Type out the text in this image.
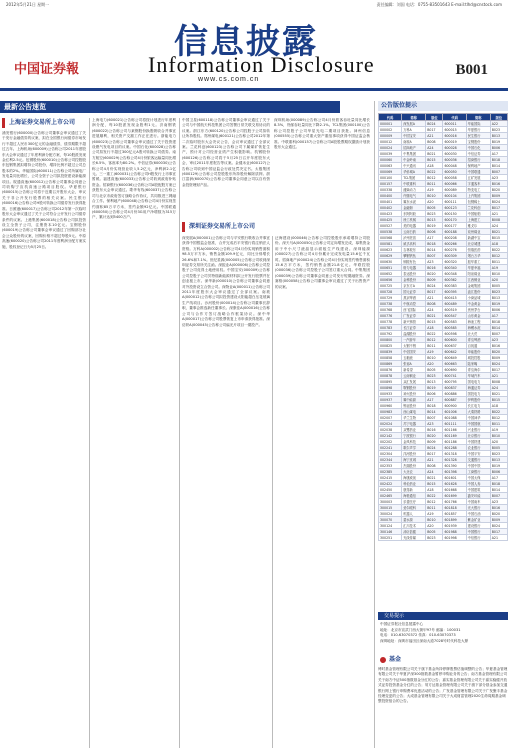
2012年5月21日 星期一	责任编辑：刘国 电话：0755-83501643 E-mail:tlhd@cnstock.com
信息披露
Information Disclosure
中国证券報
www.cs.com.cn
B001
最新公告速览	公告版位提示
上海证券交易所上市公司

浦发银行(600000)公告称公司董事会审议通过了关于发行金融债券的议案，拟在全国银行间债券市场发行不超过人民币300亿元的金融债券，债券期限不超过五年。上海机场(600009)公告称公司2011年度股东大会审议通过了年度利润分配方案，每10股派发现金红利2.5元。包钢股份(600010)公告称公司控股股东包钢集团拟增持公司股份，增持比例不超过公司总股本的2%。华能国际(600011)公告称公司所属电厂发电量同比增长，公司全资子公司拟投资建设新能源项目。皖通高速(600012)公告称公司董事会同意公司收购宁宣杭高速公路项目股权。华夏银行(600015)公告称公司将于近期召开股东大会，审议关于非公开发行股票的相关议案。民生银行(600016)公告称公司H股可转换公司债券发行获得批准。日照港(600017)公告称公司2012年第一次临时股东大会审议通过了关于公司符合公开发行公司债券条件的议案。上港集团(600018)公告称公司拟投资设立全资子公司，注册资本10亿元。宝钢股份(600019)公告称公司董事会审议通过了回购部分社会公众股份的议案，回购价格不超过每股5元。中原高速(600020)公告称公司2011年度利润分配方案实施，股权登记日为5月25日。

上海电力(600021)公告称公司将按计划进行年度利润分配，每10股派发现金股利1元。济南钢铁(600022)公告称公司与莱钢股份换股吸收合并事宜进展顺利，相关资产交割工作正在进行。浙能电力(600023)公告称公司董事会审议通过了关于投资建设燃气发电项目的议案。中国石化(600028)公告称公司拟发行不超过300亿元A股可转换公司债券。南方航空(600029)公告称公司4月份旅客运输量同比增长6.5%，客座率为80.2%。中信证券(600030)公告称公司4月份实现营业收入5.2亿元，净利润2.1亿元。三一重工(600031)公告称公司H股发行上市事宜暂缓。福建高速(600033)公告称公司收到政府补贴资金。招商银行(600036)公告称公司A股配股方案已获股东大会审议通过。歌华有线(600037)公告称公司与北京市政府签订战略合作协议，共同推进三网融合工作。保利地产(600048)公告称公司4月份实现签约面积85万平方米，签约金额92亿元。中国联通(600050)公告称公司4月份3G用户净增数为315万户，累计达到5400万户。

中国卫星(600118)公告称公司董事会审议通过了关于公司与中国航天科技集团公司签署日常关联交易协议的议案。浙江东方(600120)公告称公司控股子公司拟转让所持股权。郑州煤电(600121)公告称公司2012年第二次临时股东大会决议公告，会议审议通过了全部议案。兰花科创(600123)公告称公司下属煤矿恢复生产，预计对公司经营业绩产生积极影响。杭钢股份(600126)公告称公司将于5月25日召开年度股东大会，审议2011年度报告等议案。金健米业(600127)公告称公司收到中国证监会行政处罚决定书。太极集团(600129)公告称公司控股股东所持股份解除质押。浙江富润(600070)公告称公司董事会同意公司以自有资金投资理财产品。

深圳机场(000089)公告称公司4月份旅客吞吐量同比增长8.3%，货邮吞吐量同比下降2.1%。TCL集团(000100)公告称公司控股子公司华星光电二期项目获批。神州信息(000555)公告称公司重大资产重组事项获得中国证监会核准。中联重科(000157)公告称公司A股股票期权激励计划获股东大会通过。

深圳证券交易所上市公司

深发展A(000001)公告称公司与平安银行吸收合并事宜获得中国银监会批准，合并完成后平安银行将注销法人资格。万科A(000002)公告称公司4月份实现销售面积98.5万平方米，销售金额109.9亿元，同比分别增长26.6%和7.1%。世纪星源(000005)公告称公司收到深圳证券交易所关注函。深振业A(000006)公告称公司控股子公司竞得土地使用权。中国宝安(000009)公告称公司控股子公司贝特瑞新能源材料拟公开发行股票并在创业板上市。深华新(000010)公告称公司董事会同意对外投资设立合资公司。深物业A(000011)公告称公司2011年度股东大会审议通过了全部议案。南玻A(000012)公告称公司拟投资建设太阳能超白压花玻璃生产线项目。沙河股份(000014)公告称公司董事长辞职，董事会推选新任董事长。深康佳A(000016)公告称公司与合作方签订战略合作框架协议。深中华A(000017)公告称公司股票恢复上市申请获得批准。深纺织A(000045)公告称公司偏光片项目一期投产。

泛海建设(000046)公告称公司控股股东承诺增持公司股份。深天马A(000050)公告称公司定向增发完成，募集资金用于中小尺寸液晶显示面板生产线建设。深圳能源(000027)公告称公司4月份累计完成发电量15.6亿千瓦时。招商地产(000024)公告称公司4月份实现签约销售面积15.6万平方米，签约销售金额21.8亿元。华联控股(000036)公告称公司控股子公司签订重大合同。中集集团(000039)公告称公司董事会同意公司发行短期融资券。深赛格(000058)公告称公司董事会审议通过了关于出售资产的议案。

代码	简称	版位	代码	简称	版位
000001	深发展A	B024	600011	华能国际	A22
000002	万科A	B017	600015	华夏银行	B023
000009	中国宝安	A21	600016	民生银行	B013
000012	南玻A	B008	600019	宝钢股份	B019
000024	招商地产	A24	600028	中国石化	B006
000039	中集集团	B021	600030	中信证券	A17
000060	中金岭南	B015	600036	招商银行	B018
000063	中兴通讯	A18	600048	保利地产	B014
000069	华侨城A	B022	600050	中国联通	B007
000100	TCL集团	B012	600058	五矿发展	A23
000157	中联重科	B011	600066	宇通客车	B016
000338	潍柴动力	A19	600089	特变电工	B020
000400	许继电气	B010	600104	上汽集团	B009
000401	冀东水泥	A20	600111	包钢稀土	B024
000402	金融街	B005	600123	兰花科创	B017
000423	东阿阿胶	B023	600150	中国船舶	A21
000425	徐工机械	B013	600170	上海建工	B008
000527	美的电器	B019	600177	雅戈尔	A24
000538	云南白药	B006	600188	兖州煤业	B021
000568	泸州老窖	A17	600208	新湖中宝	B015
000581	威孚高科	B018	600266	北京城建	A18
000623	吉林敖东	B014	600276	恒瑞医药	B022
000629	攀钢钒钛	B007	600309	烟台万华	B012
000630	铜陵有色	A23	600320	振华重工	B011
000651	格力电器	B016	600340	华夏幸福	A19
000652	泰达股份	B020	600348	阳泉煤业	B010
000656	金科股份	B009	600362	江西铜业	A20
000725	京东方A	B024	600383	金地集团	B005
000728	国元证券	B017	600395	盘江股份	B023
000729	燕京啤酒	A21	600415	小商品城	B013
000738	中航动控	B008	600489	中金黄金	B019
000768	西飞国际	A24	600519	贵州茅台	B006
000776	广发证券	B021	600547	山东黄金	A17
000778	新兴铸管	B015	600583	海油工程	B018
000783	长江证券	A18	600585	海螺水泥	B014
000792	盐湖股份	B022	600598	北大荒	B007
000800	一汽轿车	B012	600600	青岛啤酒	A23
000825	太钢不锈	B011	600637	百视通	B016
000839	中信国安	A19	600642	申能股份	B020
000858	五粮液	B010	600649	城投控股	B009
000869	张裕A	A20	600663	陆家嘴	B024
000876	新希望	B005	600690	青岛海尔	B017
000878	云南铜业	B023	600741	华域汽车	A21
000895	双汇发展	B013	600795	国电电力	B008
000898	鞍钢股份	B019	600837	海通证券	A24
000933	神火股份	B006	600886	国投电力	B021
000937	冀中能源	A17	600887	伊利股份	B015
000960	锡业股份	B018	600900	长江电力	A18
000983	西山煤电	B014	601006	大秦铁路	B022
002007	华兰生物	B007	601088	中国神华	B012
002024	苏宁电器	A23	601111	中国国航	B011
002038	双鹭药业	B016	601166	兴业银行	A19
002142	宁波银行	B020	601169	北京银行	B010
002202	金风科技	B009	601186	中国铁建	A20
002241	歌尔声学	B024	601288	农业银行	B005
002304	洋河股份	B017	601318	中国平安	B023
002344	海宁皮城	A21	601328	交通银行	B013
002353	杰瑞股份	B008	601390	中国中铁	B019
002385	大北农	A24	601398	工商银行	B006
002415	海康威视	B021	601601	中国太保	A17
002422	科伦药业	B015	601628	中国人寿	B018
002450	康得新	A18	601668	中国建筑	B014
002465	海格通信	B022	601699	潞安环能	B007
300003	乐普医疗	B012	601766	中国南车	A23
300015	爱尔眼科	B011	601818	光大银行	B016
300024	机器人	A19	601857	中国石油	B020
300070	碧水源	B010	601899	紫金矿业	B009
300124	汇川技术	A20	601939	建设银行	B024
300146	汤臣倍健	B005	601988	中国银行	B017
300251	光线传媒	B023	601998	中信银行	A21
交易提示
中国证券报社信息披露中心
地址：北京市宣武门西大街甲97号 邮编：100031
电话：010-63070372 传真：010-63070373
深圳地址：深圳市福田区深南大道7028号时代科技大厦
基金
博时基金管理有限公司关于旗下基金所持停牌股票估值调整的公告；华夏基金管理有限公司关于华夏沪深300指数基金暂停申购业务的公告；南方基金管理有限公司关于南方中证500指数基金分红的公告；嘉实基金管理有限公司关于嘉实稳健开放式证券投资基金分红的公告；易方达基金管理有限公司关于旗下部分基金参加交通银行网上银行申购费率优惠活动的公告；广发基金管理有限公司关于广发聚丰基金经理变更的公告；大成基金管理有限公司关于大成财富管理2020生命周期基金调整投资组合的公告。
